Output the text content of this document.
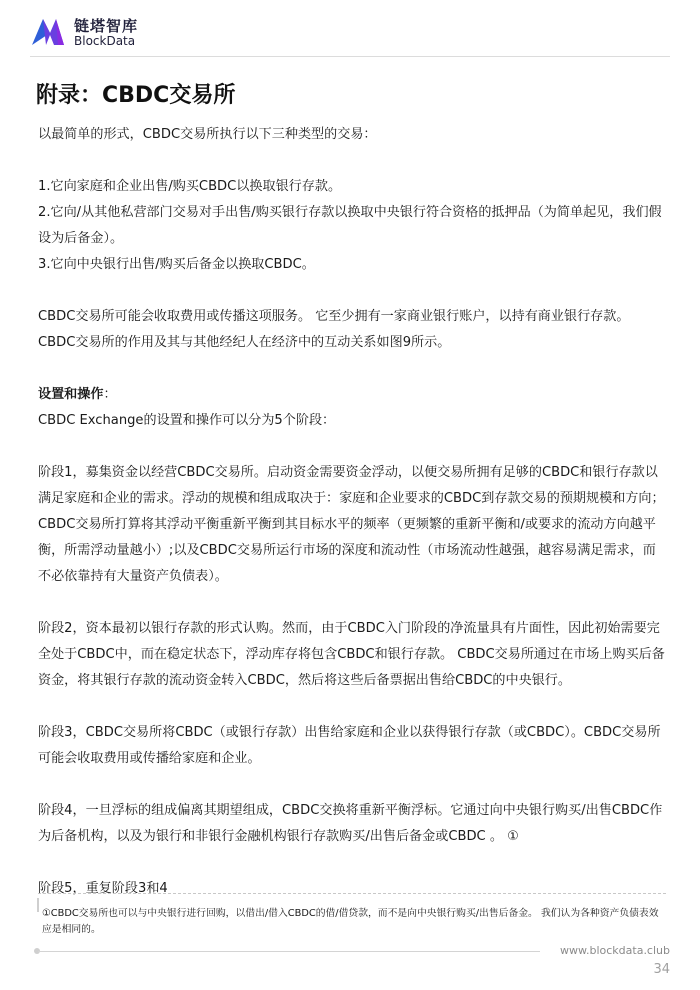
链塔智库
BlockData
附录：CBDC交易所

以最简单的形式，CBDC交易所执行以下三种类型的交易：

1.它向家庭和企业出售/购买CBDC以换取银行存款。

2.它向/从其他私营部门交易对手出售/购买银行存款以换取中央银行符合资格的抵押品（为简单起见，我们假设为后备金）。

3.它向中央银行出售/购买后备金以换取CBDC。

CBDC交易所可能会收取费用或传播这项服务。 它至少拥有一家商业银行账户，以持有商业银行存款。 CBDC交易所的作用及其与其他经纪人在经济中的互动关系如图9所示。

设置和操作：

CBDC Exchange的设置和操作可以分为5个阶段：

阶段1，募集资金以经营CBDC交易所。启动资金需要资金浮动，以便交易所拥有足够的CBDC和银行存款以满足家庭和企业的需求。浮动的规模和组成取决于：家庭和企业要求的CBDC到存款交易的预期规模和方向；CBDC交易所打算将其浮动平衡重新平衡到其目标水平的频率（更频繁的重新平衡和/或要求的流动方向越平衡，所需浮动量越小）;以及CBDC交易所运行市场的深度和流动性（市场流动性越强，越容易满足需求，而不必依靠持有大量资产负债表）。

阶段2，资本最初以银行存款的形式认购。然而，由于CBDC入门阶段的净流量具有片面性，因此初始需要完全处于CBDC中，而在稳定状态下，浮动库存将包含CBDC和银行存款。 CBDC交易所通过在市场上购买后备资金，将其银行存款的流动资金转入CBDC，然后将这些后备票据出售给CBDC的中央银行。

阶段3，CBDC交易所将CBDC（或银行存款）出售给家庭和企业以获得银行存款（或CBDC）。CBDC交易所可能会收取费用或传播给家庭和企业。

阶段4，一旦浮标的组成偏离其期望组成，CBDC交换将重新平衡浮标。它通过向中央银行购买/出售CBDC作为后备机构，以及为银行和非银行金融机构银行存款购买/出售后备金或CBDC 。 ①

阶段5，重复阶段3和4

①CBDC交易所也可以与中央银行进行回购，以借出/借入CBDC的借/借贷款，而不是向中央银行购买/出售后备金。 我们认为各种资产负债表效应是相同的。
www.blockdata.club
34
